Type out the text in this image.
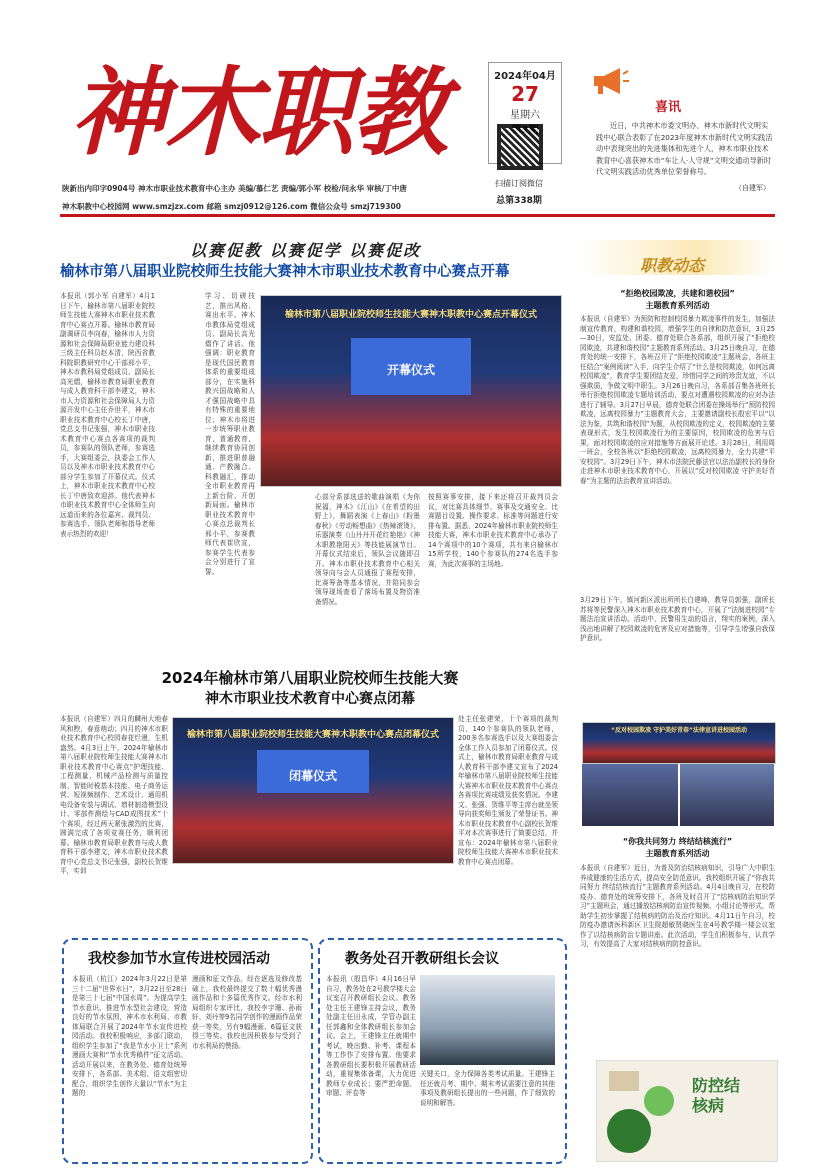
神木职教	2024年04月
27
星期六
扫描订阅微信
总第338期
陕新出内印字0904号 神木市职业技术教育中心主办 美编/慕仁艺 责编/郭小军 校检/问永华 审核/丁中唐
神木职教中心校园网 www.smzjzx.com 邮箱 smzj0912@126.com 微信公众号 smzj719300
喜讯
近日，中共神木市委文明办、神木市新时代文明实践中心联合表彰了在2023年度神木市新时代文明实践活动中表现突出的先进集体和先进个人，神木市职业技术教育中心喜获神木市“车让人·人守规”文明交通动导新时代文明实践活动优秀单位荣誉称号。
（自建军）
以赛促教 以赛促学 以赛促改
榆林市第八届职业院校师生技能大赛神木市职业技术教育中心赛点开幕
本报讯（郭小军 自建军）4月1日下午，榆林市第八届职业院校师生技能大赛神木市职业技术教育中心赛点开幕。榆林市教育局副调研员李向春，榆林市人力资源和社会保障局职业能力建设科三级主任科员赵本清，陕西省教科院职教研究中心干部邢小平，神木市教科局党组成员、副局长高光熠，榆林市教育局职业教育与成人教育科干部李建文，神木市人力资源和社会保障局人力资源开发中心主任乔世平，神木市职业技术教育中心校长丁中唐，党总支书记张强，神木市职业技术教育中心赛点各赛项的裁判员，参赛队的领队老师，参赛选手，大赛组委会，执委会工作人员以及神木市职业技术教育中心部分学生参加了开幕仪式。仪式上，神木市职业技术教育中心校长丁中唐致欢迎辞。他代表神木市职业技术教育中心全体师生向远道而来的各位嘉宾、裁判员、参赛选手、领队老师和指导老师表示热烈的欢迎！
学习、切磋技艺，推出风格、赛出水平。神木市教体局党组成员、副局长高光熠作了讲话。他强调：职业教育是现代国民教育体系的重要组成部分，在实施科教兴国战略和人才强国战略中具有特殊的重要地位；神木市将进一步统筹职业教育，普通教育，继续教育协同创新，推进职普融通、产教融合、科教融汇，推动全市职业教育再上新台阶、开创新局面。榆林市职业技术教育中心赛点总裁判长邢小平，参赛教师代表崔欣宣，参赛学生代表参会分别进行了宣誓。
榆林市第八届职业院校师生技能大赛神木职教中心赛点开幕仪式
开幕仪式
心部分系部选送的歌曲演唱《为你祝福，神木》《江山》《在希望的田野上》，舞蹈表演《上春山》《粉墨春秋》《劳动畅想曲》《热辣滚烫》，乐器演奏《山丹丹开花红艳艳》《神木职教艳阳天》等技能展演节目。开幕仪式结束后，领队会议随即召开。神木市职业技术教育中心相关领导向与会人员通报了赛程安排，比赛筹备等基本情况，并陪同参会领导现场查看了落场布置及物资准备情况。
按照赛事安排，接下来还将召开裁判员会议，对比赛具体细节、赛事及交通安全、比赛题目设置、操作要求、标准等问题进行安排布置。据悉，2024年榆林市职业院校师生技能大赛，神木市职业技术教育中心承办了14个赛项中的10个赛项，共有来自榆林市15所学校，140个参赛队的274名选手参赛，为此次赛事的主场地。
2024年榆林市第八届职业院校师生技能大赛
神木市职业技术教育中心赛点闭幕
本报讯（自建军）四月的麟州大地春风和煦，春意萌动；四月的神木市职业技术教育中心校园春花烂漫，生机盎然。4月3日上午，2024年榆林市第八届职业院校师生技能大赛神木市职业技术教育中心赛点“护理技能、工程测量、机械产品检测与质量控制、智能时税基本技能、电子商务运营、短视频制作、艺术设计、通用机电设备安装与调试、增材制造模型设计、零部件测绘与CAD成图技术”十个赛项，经过两天紧张激烈的比赛，圆满完成了各项竞赛任务，顺利闭幕。榆林市教育局职业教育与成人教育科干部李建文，神木市职业技术教育中心党总支书记张强，副校长贺维平，实训
榆林市第八届职业院校师生技能大赛神木职教中心赛点闭幕仪式
闭幕仪式
处主任张建荣，十个赛项的裁判员，140个参赛队的领队老师，200多名参赛选手以及大赛组委会全体工作人员参加了闭幕仪式。仪式上，榆林市教育局职业教育与成人教育科干部李建文宣布了2024年榆林市第八届职业院校师生技能大赛神木市职业技术教育中心赛点各赛项比赛成绩及获奖情况。李建文、张强、贺维平等主席台就坐领导向获奖师生颁发了荣誉证书。神木市职业技术教育中心副校长贺维平对本次赛事进行了简要总结，并宣布：2024年榆林市第八届职业院校师生技能大赛神木市职业技术教育中心赛点闭幕。
我校参加节水宣传进校园活动
本报讯（杭江）2024年3月22日是第三十二届“世界水日”，3月22日至28日是第三十七届“中国水周”。为提高学生节水意识，推进节水型社会建设，营造良好的节水氛围，神木市水利局、市教体局联合开展了2024年节水宣传进校园活动。我校积极响应，多部门联动，组织学生参加了“我是节水小卫士”系列漫画大赛和“节水优秀稿件”征文活动。活动开展以来，在教务处、德育处统筹安排下，各系部、美术组、语文组密切配合，组织学生创作大量以“节水”为主题的
漫画和征文作品，经在逐选及修改基础上，我校最终提交了数十幅优秀漫画作品和十多篇优秀作文。经市水利局组织专家评比，我校李宇珊、孙雨轩、刘丹等9名同学创作的漫画作品荣获一等奖，另有9幅漫画、6篇征文获得三等奖。我校也因积极参与受到了市水利局的赞扬。
教务处召开教研组长会议
本报讯（殷昌华）4月16日早自习，教务处在2号教学楼大会议室召开教研组长会议。教务处主任王建锋主持会议，教务处副主任田永成，学管办副主任郭鑫和全体教研组长参加会议。会上，王建锋主任就期中考试，晚出勤、补考、课程本等工作作了安排布置。他要求各教研组长要积极开展教研活动，重视集体备课，大力促进教师专业成长；要严把命题、审题、评卷等
关键关口，全力保障各类考试质量。王建锋主任还就月考、期中、期末考试需要注意的其他事项及教研组长提出的一些问题，作了细致的说明和解答。
职教动态
“拒绝校园欺凌，共建和谐校园”
主题教育系列活动
本报讯（自建军）为预防和控制校园暴力欺凌事件的发生，加强法制宣传教育，构建和谐校园，增强学生的自律和防范意识，3月25—30日，安监处、团委、德育处联合各系部，组织开展了“拒绝校园欺凌，共建和谐校园”主题教育系列活动。3月25日晚自习，在德育处的统一安排下，各班召开了“拒绝校园欺凌”主题班会，各班主任结合“案例阅读”入手，向学生介绍了“什么是校园欺凌，如何远离校园欺凌”，教育学生要团结友爱，珍惜同学之间的珍贵友谊，不以强欺弱，争做文明中职生。3月26日晚自习，各系部召集各班班长举行拒绝校园欺凌专题培训活动，要点对遭遇校园欺凌的应对办法进行了辅导。3月27日早晨，德育处联合团委在操场举行“预防校园欺凌，远离校园暴力”主题教育大会，主要邀请副校长殷宏平以“以法为鉴，共筑和谐校园”为题，从校园欺凌的定义，校园欺凌的主要表现形式，发生校园欺凌行为的主要原因，校园欺凌的危害与后果，面对校园欺凌的应对措施等方面展开论述。3月28日，利用周一班会，全校各班以“拒绝校园欺凌，远离校园暴力，全力共建“平安校园”。3月29日下午，神木市法院民藤法官以法治副校长的身份走进神木市职业技术教育中心，开展以“反对校园欺凌 守护美好青春”为主题的法治教育宣讲活动。
3月29日下午，镇河新区派出所所长白建峰，教导员郭强，副所长苏将等民警深入神木市职业技术教育中心，开展了“法制进校园”专题法治宣讲活动。活动中，民警用生动的语言，翔实的案例，深入浅出地讲解了校园欺凌的危害及应对措施等，引导学生增强自我保护意识。
“反对校园欺凌 守护美好青春”法律宣讲进校园活动
“你我共同努力 终结结核流行”
主题教育系列活动
本报讯（自建军）近日，为普及防治结核病知识，引导广大中职生养成健康的生活方式，提高安全防范意识。我校组织开展了“你我共同努力 终结结核流行”主题教育系列活动。4月4日晚自习，在校防疫办、德育处的统筹安排下，各班及时召开了“结核病防治知识学习”主题班会，通过播放结核病防治宣传视频、小组讨论等形式，帮助学生初步掌握了结核病的防治及治疗知识。4月11日午自习，校防疫办邀请医科新区卫生院超敏贤晓医生在4号教学楼一楼会议室作了以结核病防治专题讲座。此次活动，学生们积极参与，认真学习，有效提高了大家对结核病的防控意识。
防控结核病
